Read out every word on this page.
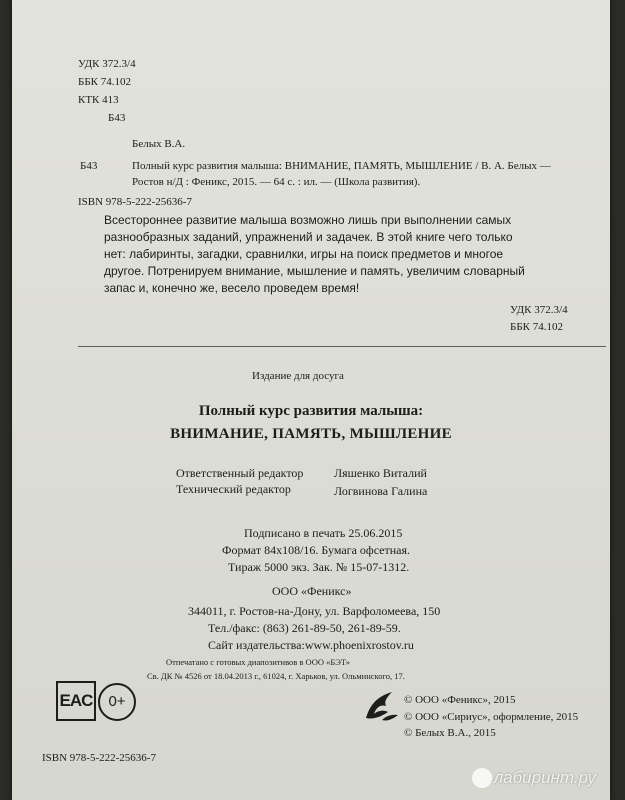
УДК 372.3/4
ББК 74.102
КТК 413
Б43
Белых В.А.
Б43	Полный курс развития малыша: ВНИМАНИЕ, ПАМЯТЬ, МЫШЛЕНИЕ / В. А. Белых —
Ростов н/Д : Феникс, 2015. — 64 с. : ил. — (Школа развития).
ISBN 978-5-222-25636-7
Всестороннее развитие малыша возможно лишь при выполнении самых
разнообразных заданий, упражнений и задачек. В этой книге чего только
нет: лабиринты, загадки, сравнилки, игры на поиск предметов и многое
другое. Потренируем внимание, мышление и память, увеличим словарный
запас и, конечно же, весело проведем время!
УДК 372.3/4
ББК 74.102
Издание для досуга
Полный курс развития малыша:
ВНИМАНИЕ, ПАМЯТЬ, МЫШЛЕНИЕ
Ответственный редактор	Ляшенко Виталий
Технический редактор	Логвинова Галина
Подписано в печать 25.06.2015
Формат 84x108/16. Бумага офсетная.
Тираж 5000 экз. Зак. № 15-07-1312.
ООО «Феникс»
344011, г. Ростов-на-Дону, ул. Варфоломеева, 150
Тел./факс: (863) 261-89-50, 261-89-59.
Сайт издательства:www.phoenixrostov.ru
Отпечатано с готовых диапозитивов в ООО «БЭТ»
Св. ДК № 4526 от 18.04.2013 г., 61024, г. Харьков, ул. Ольминского, 17.
EAC	0+	© ООО «Феникс», 2015
© ООО «Сириус», оформление, 2015
© Белых В.А., 2015
ISBN 978-5-222-25636-7
лабиринт.ру
